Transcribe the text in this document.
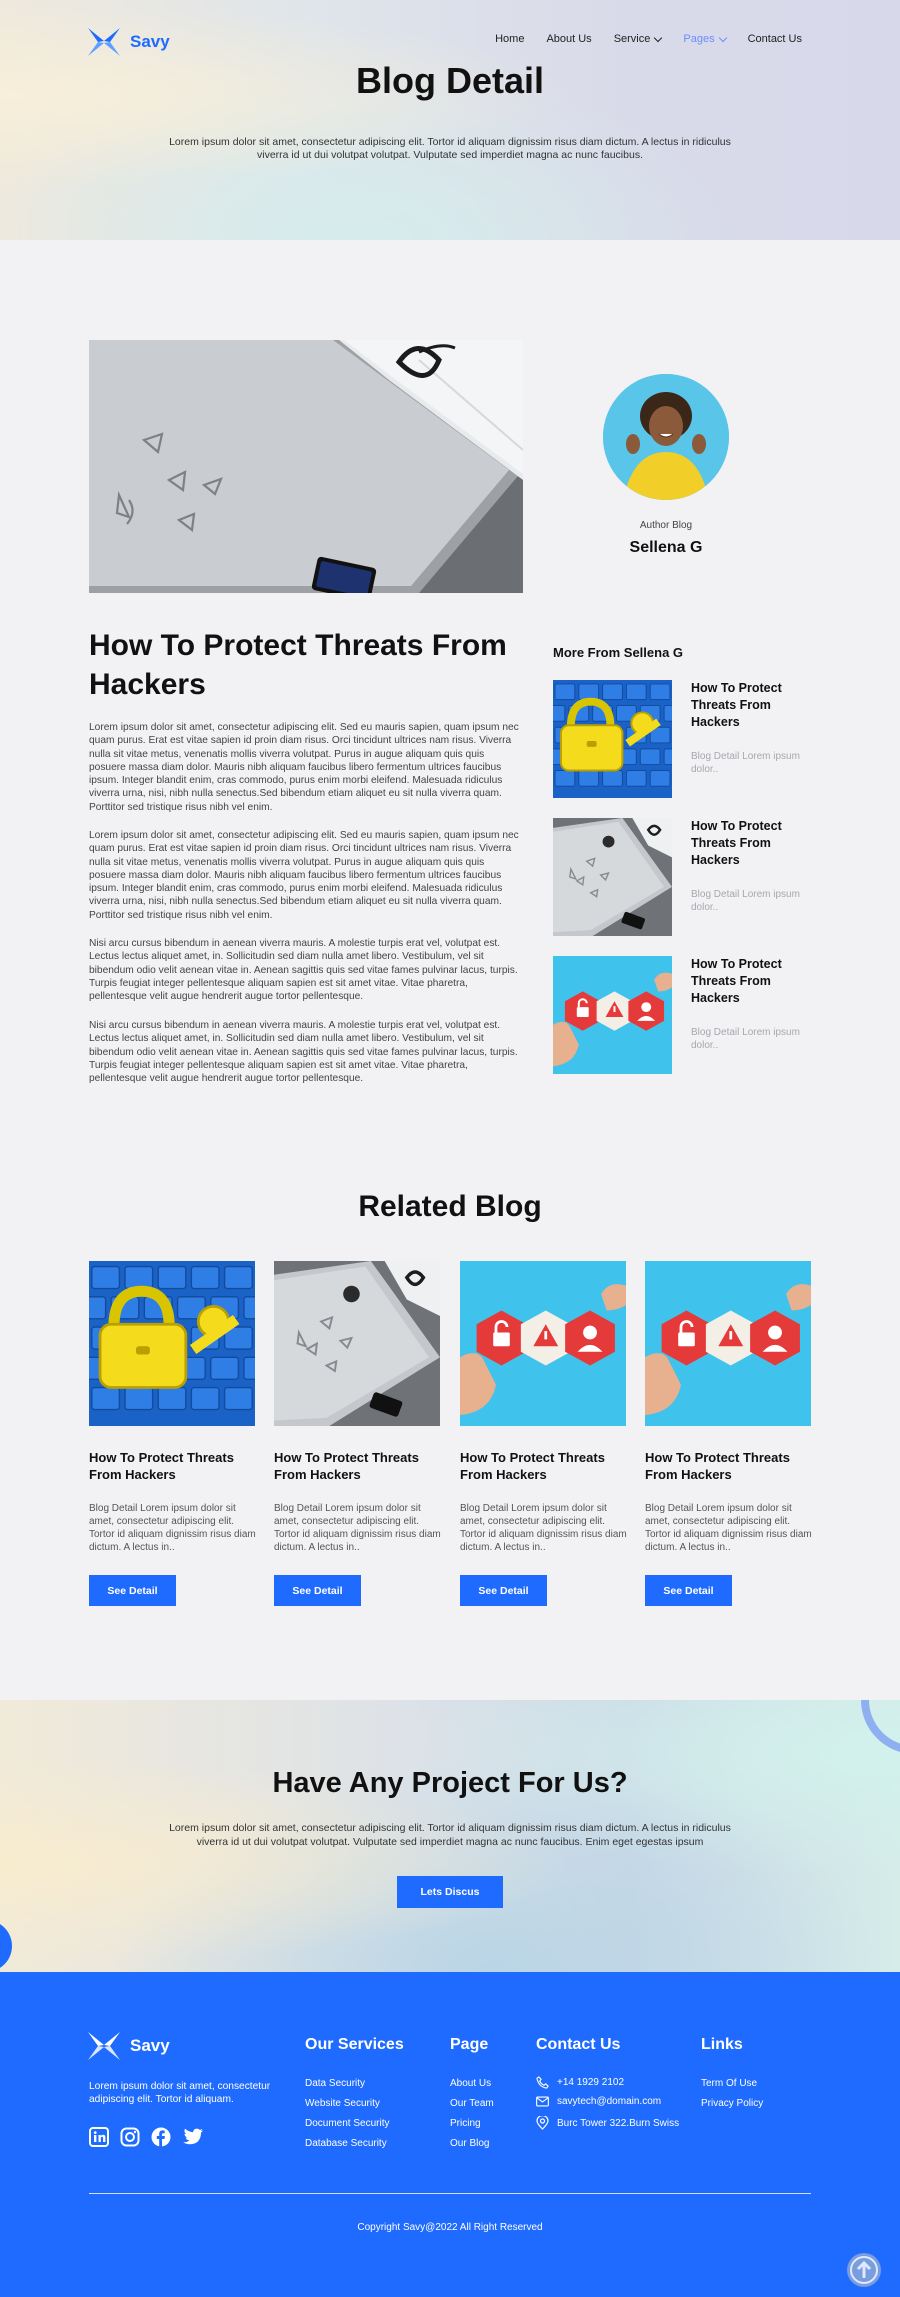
Savy	Home About Us Service	Pages	Contact Us
Blog Detail

Lorem ipsum dolor sit amet, consectetur adipiscing elit. Tortor id aliquam dignissim risus diam dictum. A lectus in ridiculus viverra id ut dui volutpat volutpat. Vulputate sed imperdiet magna ac nunc faucibus.

Author Blog
Sellena G
How To Protect Threats From Hackers

Lorem ipsum dolor sit amet, consectetur adipiscing elit. Sed eu mauris sapien, quam ipsum nec quam purus. Erat est vitae sapien id proin diam risus. Orci tincidunt ultrices nam risus. Viverra nulla sit vitae metus, venenatis mollis viverra volutpat. Purus in augue aliquam quis quis posuere massa diam dolor. Mauris nibh aliquam faucibus libero fermentum ultrices faucibus ipsum. Integer blandit enim, cras commodo, purus enim morbi eleifend. Malesuada ridiculus viverra urna, nisi, nibh nulla senectus.Sed bibendum etiam aliquet eu sit nulla viverra quam. Porttitor sed tristique risus nibh vel enim.

Lorem ipsum dolor sit amet, consectetur adipiscing elit. Sed eu mauris sapien, quam ipsum nec quam purus. Erat est vitae sapien id proin diam risus. Orci tincidunt ultrices nam risus. Viverra nulla sit vitae metus, venenatis mollis viverra volutpat. Purus in augue aliquam quis quis posuere massa diam dolor. Mauris nibh aliquam faucibus libero fermentum ultrices faucibus ipsum. Integer blandit enim, cras commodo, purus enim morbi eleifend. Malesuada ridiculus viverra urna, nisi, nibh nulla senectus.Sed bibendum etiam aliquet eu sit nulla viverra quam. Porttitor sed tristique risus nibh vel enim.

Nisi arcu cursus bibendum in aenean viverra mauris. A molestie turpis erat vel, volutpat est. Lectus lectus aliquet amet, in. Sollicitudin sed diam nulla amet libero. Vestibulum, vel sit bibendum odio velit aenean vitae in. Aenean sagittis quis sed vitae fames pulvinar lacus, turpis. Turpis feugiat integer pellentesque aliquam sapien est sit amet vitae. Vitae pharetra, pellentesque velit augue hendrerit augue tortor pellentesque.

Nisi arcu cursus bibendum in aenean viverra mauris. A molestie turpis erat vel, volutpat est. Lectus lectus aliquet amet, in. Sollicitudin sed diam nulla amet libero. Vestibulum, vel sit bibendum odio velit aenean vitae in. Aenean sagittis quis sed vitae fames pulvinar lacus, turpis. Turpis feugiat integer pellentesque aliquam sapien est sit amet vitae. Vitae pharetra, pellentesque velit augue hendrerit augue tortor pellentesque.

More From Sellena G
How To Protect Threats From Hackers
Blog Detail Lorem ipsum dolor..
How To Protect Threats From Hackers
Blog Detail Lorem ipsum dolor..
How To Protect Threats From Hackers
Blog Detail Lorem ipsum dolor..
Related Blog
How To Protect Threats From Hackers
Blog Detail Lorem ipsum dolor sit amet, consectetur adipiscing elit. Tortor id aliquam dignissim risus diam dictum. A lectus in..
See Detail
How To Protect Threats From Hackers
Blog Detail Lorem ipsum dolor sit amet, consectetur adipiscing elit. Tortor id aliquam dignissim risus diam dictum. A lectus in..
See Detail
How To Protect Threats From Hackers
Blog Detail Lorem ipsum dolor sit amet, consectetur adipiscing elit. Tortor id aliquam dignissim risus diam dictum. A lectus in..
See Detail
How To Protect Threats From Hackers
Blog Detail Lorem ipsum dolor sit amet, consectetur adipiscing elit. Tortor id aliquam dignissim risus diam dictum. A lectus in..
See Detail
Have Any Project For Us?

Lorem ipsum dolor sit amet, consectetur adipiscing elit. Tortor id aliquam dignissim risus diam dictum. A lectus in ridiculus viverra id ut dui volutpat volutpat. Vulputate sed imperdiet magna ac nunc faucibus. Enim eget egestas ipsum

Lets Discus
Savy

Lorem ipsum dolor sit amet, consectetur adipiscing elit. Tortor id aliquam.

Our Services
Data Security
Website Security
Document Security
Database Security
Page
About Us
Our Team
Pricing
Our Blog
Contact Us
+14 1929 2102
savytech@domain.com
Burc Tower 322.Burn Swiss
Links
Term Of Use
Privacy Policy
Copyright Savy@2022 All Right Reserved
